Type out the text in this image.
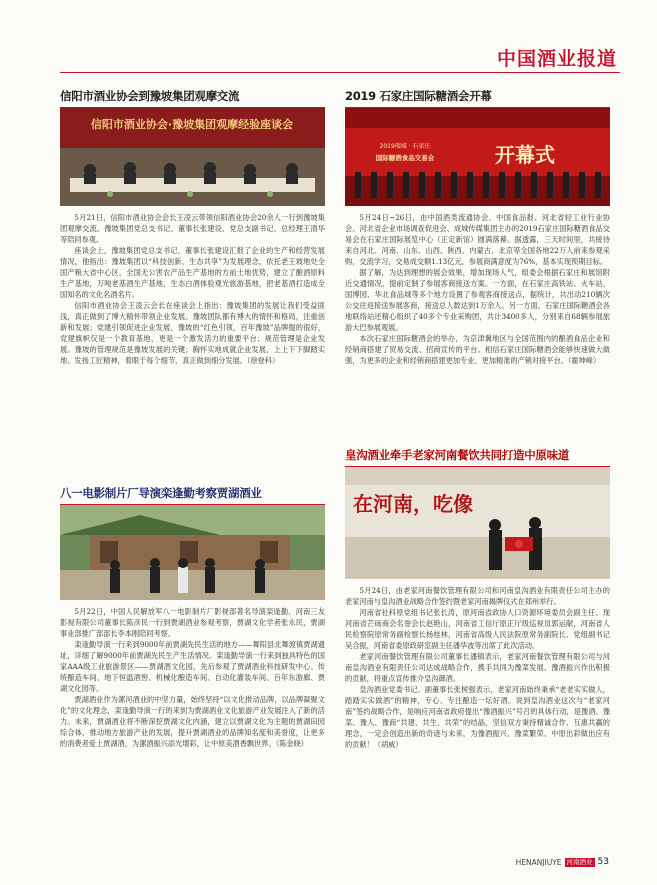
中国酒业报道
信阳市酒业协会到豫坡集团观摩交流
信阳市酒业协会·豫坡集团观摩经验座谈会

5月21日，信阳市酒业协会会长王凌云带领信阳酒业协会20余人一行到豫坡集团观摩交流。豫坡集团党总支书记、董事长张建设、党总支副书记、总经理王清华等陪同参观。

座谈会上，豫坡集团党总支书记、董事长张建设汇报了企业的生产和经营发展情况，他指出：豫坡集团以“科技创新、生态共享”为发展理念，依托老王坡地处全国产粮大省中心区，全国无公害农产品生产基地的方前土地优势，建立了酿酒原料生产基地，万吨老基酒生产基地，生态白酒体验观光旅游基地，把老基酒打造成全国知名的文化名酒名片。

信阳市酒业协会王凌云会长在座谈会上指出：豫坡集团的发展让我们受益匪浅，真正做到了博大精怀带领企业发展。豫坡团队都有博大的情怀和格局，注重创新和发展；党建引领促进企业发展、豫坡的“红色引领，百年豫坡”品牌提的很好，党建旗帜仅是一个教育基地，更是一个激发活力的重要平台；规范管理是企业发展。豫坡的管理规范是豫坡发展的关键；胸怀实地成就企业发展，上上下下脚踏实地、发扬工匠精神，着眼于每个细节，真正做到细分发展。（徐登科）

八一电影制片厂导演栾逢勤考察贾湖酒业

5月22日，中国人民解放军八一电影制片厂影视部著名导演栾逢勤、河南三友影视有限公司董事长陈彦民一行到贾湖酒业参观考察，贾湖文化学者张永民，贾湖事业部推广部部长李本刚陪同考察。

栾逢勤导演一行来到9000年前贾湖先民生活的地方——舞阳县北舞渡镇贾湖遗址，详细了解9000年前贾湖先民生产生活情况。栾逢勤导演一行来到独具特色的国家AAA级工业旅游景区——贾湖酒文化园，先后参观了贾湖酒业科技研发中心、传统酿造车间、地下恒温酒窖、机械化酿造车间、自动化灌装车间、百年东游廊、贾湖文化园等。

贾湖酒业作为漯河酒业的中坚力量，始终坚持“以文化推动品牌，以品牌凝聚文化”的文化理念，栾逢勤导演一行的来到为贾湖酒业文化旅游产业发展注入了新的活力。未来，贾湖酒业将不断深挖贾湖文化内涵，建立以贾湖文化为主题的贾湖田园综合体，推动地方旅游产业的发展，提升贾湖酒业的品牌知名度和美誉度，让更多的消费者爱上贾湖酒，为漯酒振兴添光增彩，让中原美酒香飘世界。（陈金晓）

2019 石家庄国际糖酒会开幕
2019瑞城 · 石家庄
国际糖酒食品交易会	开幕式

5月24日~26日，由中国酒类流通协会、中国食品报、河北省轻工业行业协会、河北省企业市场调查促进会、成城传媒集团主办的2019石家庄国际糖酒食品交易会在石家庄国际展览中心（正定新馆）圆满落幕。据透露，三天时间里，共接待来自河北、河南、山东、山西、陕西、内蒙古、北京等全国各地22万人前来参观采购，交流学习，交易成交额1.13亿元，参展商满意度为76%，基本实现预期目标。

据了解，为达到理想的展会效果，增加现场人气，组委会根据石家庄和展馆附近交通情况，提前定制了参展客商接送方案。一方面，在石家庄高铁站、火车站、国博园、华北食品城等多个地方设置了参观客商接送点，据统计，共出动210辆次公交往返接送参展客商，接送总人数达到1万余人。另一方面，石家庄国际糖酒会各地联络站还精心组织了40多个专业采购团，共计3400多人，分别来自68辆参展旅游大巴参展观展。

本次石家庄国际糖酒会的举办，为京津冀地区与全国范围内的酿酒食品企业和经销商搭建了贸易交流、招商宣传的平台。相信石家庄国际糖酒会能够快速做大做强，为更多的企业和经销商搭建更加专业、更加精准的产销对接平台。（霍坤峰）

皇沟酒业牵手老家河南餐饮共同打造中原味道
在河南，吃像

5月24日，由老家河南餐饮管理有限公司和河南皇沟酒业有限责任公司主办的老家河南与皇沟酒业战略合作签约暨老家河南揭牌仪式在郑州举行。

河南省社科原党组书记张长涛，原河南省政协人口资源环境委员会副主任、现河南省芒砀商会名誉会长赵艳山，河南省工信厅原正厅级巡视员郭运献，河南省人民检察院原常务副检察长杨桂林，河南省高级人民法院原常务副院长、党组副书记吴合振，河南省委原政研室副主任潘华波等出席了此次活动。

老家河南餐饮管理有限公司董事长潘镇表示，老家河南餐饮管理有限公司与河南皇沟酒业有限责任公司达成战略合作，携手共同为豫菜发展、豫酒振兴作出积极的贡献，将重点宣传推介皇沟御酒。

皇沟酒业党委书记、副董事长张树强表示，老家河南始终秉承“老老实实做人，踏踏实实做酒”的精神，专心、专注酿造一坛好酒。说到皇沟酒业这次与“老家河南”签约战略合作，是响应河南省政府提出“豫酒振兴”号召的具体行动，是豫酒、豫菜、豫人、豫商“共建、共生、共荣”的结晶，坚信双方秉持精诚合作、互惠共赢的理念，一定会创造出新的奇迹与未来，为豫酒振兴、豫菜繁荣、中原出彩做出应有的贡献！（胡威）

HENANJIUYE 河南酒业 53
